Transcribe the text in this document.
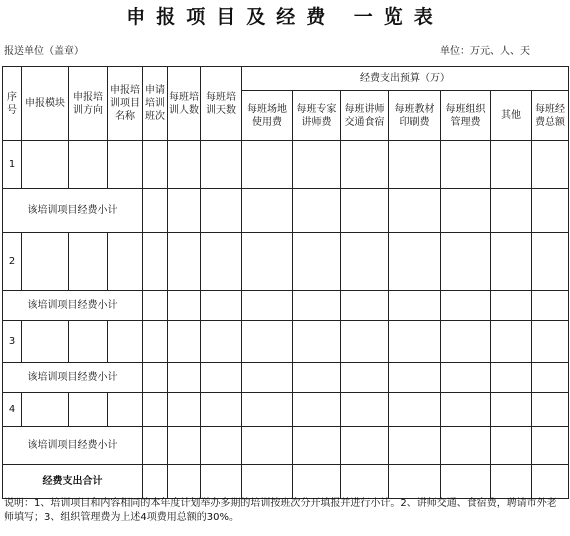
申报项目及经费 一览表
报送单位（盖章）	单位：万元、人、天
序号	申报模块	申报培训方向	申报培训项目名称	申请培训班次	每班培训人数	每班培训天数	经费支出预算（万）						
							每班场地使用费	每班专家讲师费	每班讲师交通食宿	每班教材印刷费	每班组织管理费	其他	每班经费总额
1													
该培训项目经费小计													
2													
该培训项目经费小计													
3													
该培训项目经费小计													
4													
该培训项目经费小计													
经费支出合计													
说明：1、培训项目和内容相同的本年度计划举办多期的培训按班次分开填报并进行小计。2、讲师交通、食宿费，聘请市外老师填写；3、组织管理费为上述4项费用总额的30%。
